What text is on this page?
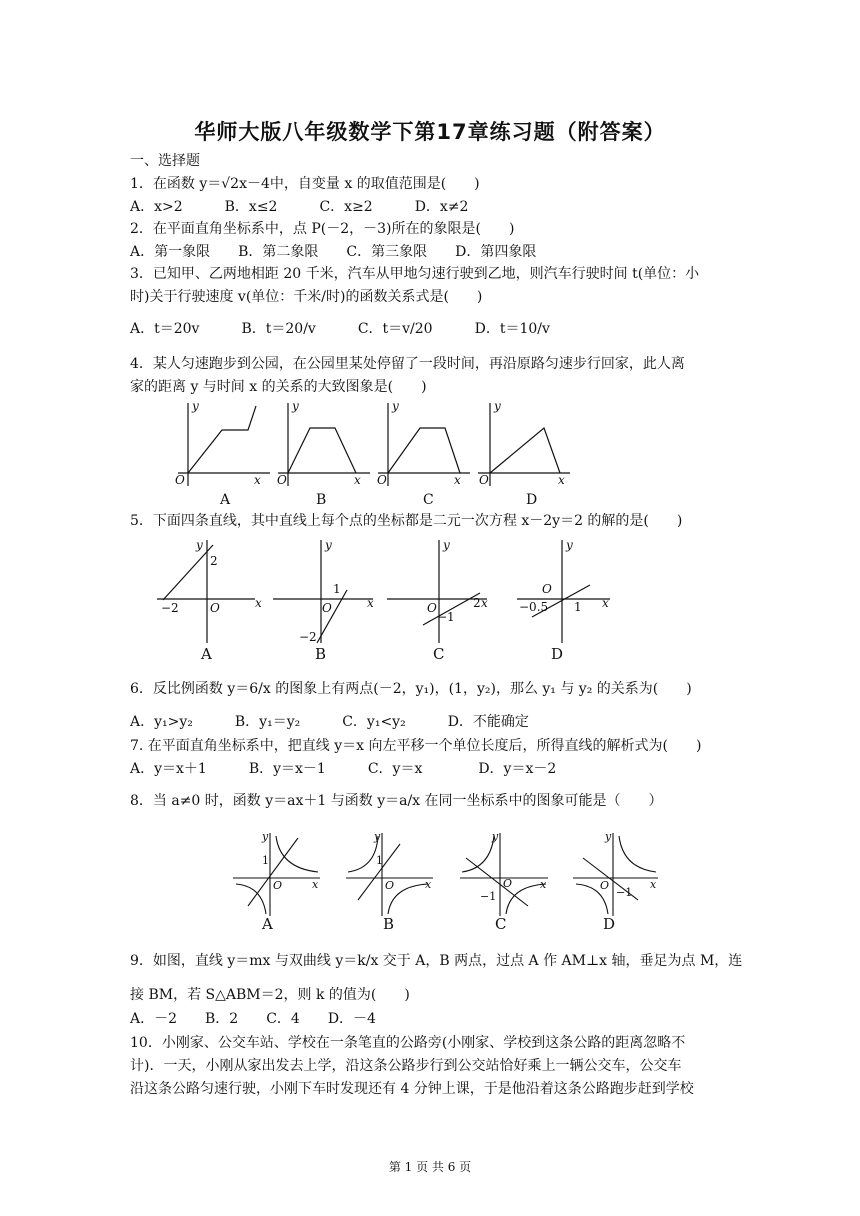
华师大版八年级数学下第17章练习题（附答案）
一、选择题
1．在函数 y＝√2x－4中，自变量 x 的取值范围是(　　)
A．x>2　　　B．x≤2　　　C．x≥2　　　D．x≠2
2．在平面直角坐标系中，点 P(－2，－3)所在的象限是(　　)
A．第一象限　　B．第二象限　　C．第三象限　　D．第四象限
3．已知甲、乙两地相距 20 千米，汽车从甲地匀速行驶到乙地，则汽车行驶时间 t(单位：小
时)关于行驶速度 v(单位：千米/时)的函数关系式是(　　)
A．t＝20v　　　B．t＝20/v　　　C．t＝v/20　　　D．t＝10/v
4．某人匀速跑步到公园，在公园里某处停留了一段时间，再沿原路匀速步行回家，此人离
家的距离 y 与时间 x 的关系的大致图象是(　　)
y
x
O
y
x
O
y
x
O
y
x
O
A	B	C	D
5．下面四条直线，其中直线上每个点的坐标都是二元一次方程 x－2y＝2 的解的是(　　)
y
x
O
y
x
O
y
x
O
y
x
O
2
−2
1
−2
2
−1
−0.5 1
A	B	C	D
6．反比例函数 y＝6/x 的图象上有两点(－2，y₁)，(1，y₂)，那么 y₁ 与 y₂ 的关系为(　　)
A．y₁>y₂　　　B．y₁＝y₂　　　C．y₁<y₂　　　D．不能确定
7. 在平面直角坐标系中，把直线 y＝x 向左平移一个单位长度后，所得直线的解析式为(　　)
A．y＝x＋1　　　B．y＝x－1　　　C．y＝x　　　　D．y＝x－2
8．当 a≠0 时，函数 y＝ax＋1 与函数 y＝a/x 在同一坐标系中的图象可能是（　　）
y
x
O
y
x
O
y
x
O
y
x
O
1	1
−1	−1
A	B	C	D
9．如图，直线 y＝mx 与双曲线 y＝k/x 交于 A，B 两点，过点 A 作 AM⊥x 轴，垂足为点 M，连
接 BM，若 S△ABM＝2，则 k 的值为(　　)
A．－2　　B．2　　C．4　　D．－4
10．小刚家、公交车站、学校在一条笔直的公路旁(小刚家、学校到这条公路的距离忽略不
计)．一天，小刚从家出发去上学，沿这条公路步行到公交站恰好乘上一辆公交车，公交车
沿这条公路匀速行驶，小刚下车时发现还有 4 分钟上课，于是他沿着这条公路跑步赶到学校
第 1 页 共 6 页
